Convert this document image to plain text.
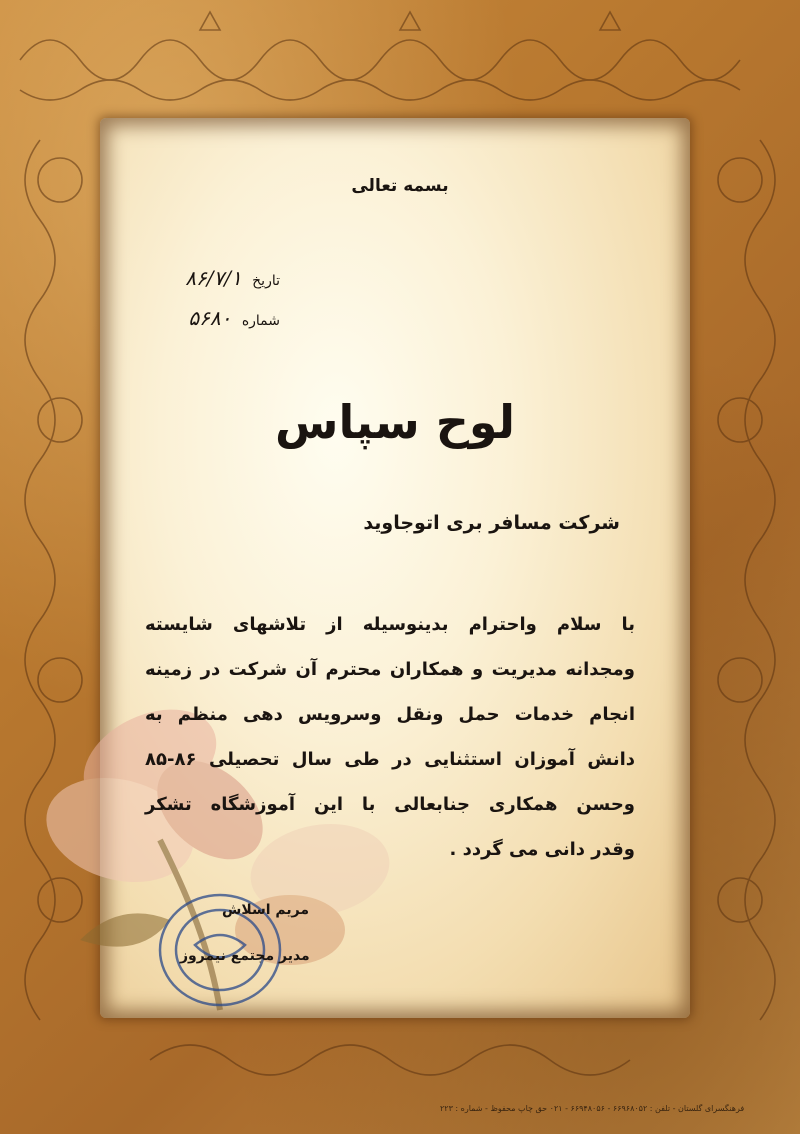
بسمه تعالی
تاریخ ۸۶/۷/۱
شماره ۵۶۸۰
لوح سپاس
شرکت مسافر بری اتوجاوید
با سلام واحترام بدینوسیله از تلاشهای شایسته
ومجدانه مدیریت و همکاران محترم آن شرکت در زمینه
انجام خدمات حمل ونقل وسرویس دهی منظم به
دانش آموزان استثنایی در طی سال تحصیلی ۸۶-۸۵
وحسن همکاری جنابعالی با این آموزشگاه تشکر
وقدر دانی می گردد .
مریم اسلاش
مدیر مجتمع نیمروز
فرهنگسرای گلستان - تلفن : ۶۶۹۶۸۰۵۲ - ۶۶۹۴۸۰۵۶ - ۰۲۱ حق چاپ محفوظ - شماره : ۲۲۳
